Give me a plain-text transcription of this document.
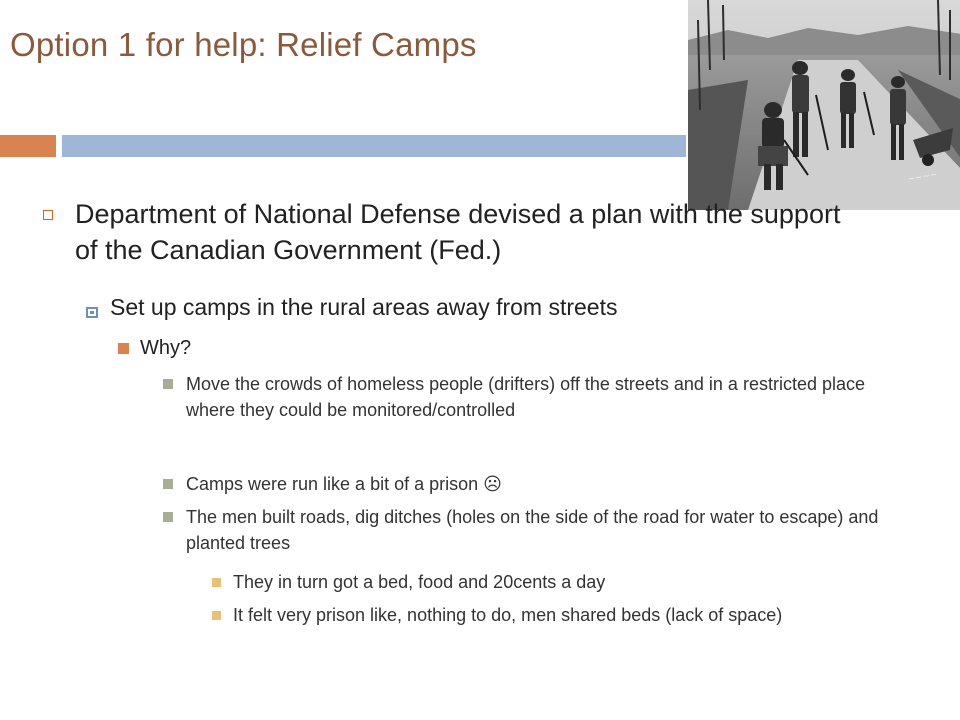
Option 1 for help: Relief Camps
~~~~
Department of National Defense devised a plan with the support of the Canadian Government (Fed.)
Set up camps in the rural areas away from streets
Why?
Move the crowds of homeless people (drifters) off the streets and in a restricted place where they could be monitored/controlled
Camps were run like a bit of a prison ☹
The men built roads, dig ditches (holes on the side of the road for water to escape) and planted trees
They in turn got a bed, food and 20cents a day
It felt very prison like, nothing to do, men shared beds (lack of space)
